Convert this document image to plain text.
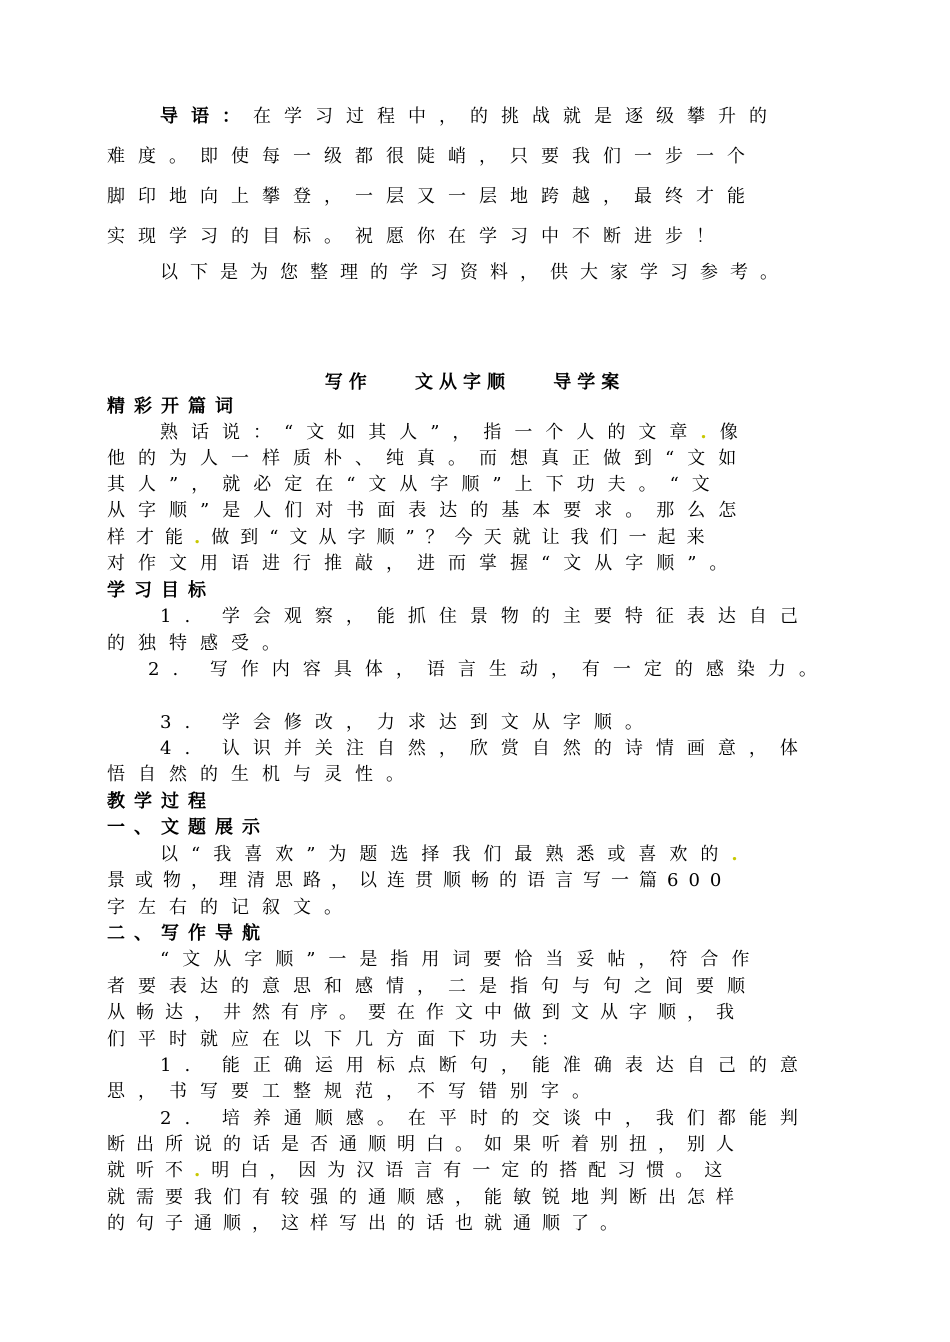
导语：在学习过程中，的挑战就是逐级攀升的
难度。即使每一级都很陡峭，只要我们一步一个
脚印地向上攀登，一层又一层地跨越，最终才能
实现学习的目标。祝愿你在学习中不断进步！
以下是为您整理的学习资料，供大家学习参考。
写作 文从字顺 导学案
精彩开篇词
熟话说：“文如其人”，指一个人的文章.像
他的为人一样质朴、纯真。而想真正做到“文如
其人”，就必定在“文从字顺”上下功夫。“文
从字顺”是人们对书面表达的基本要求。那么怎
样才能.做到“文从字顺”？今天就让我们一起来
对作文用语进行推敲，进而掌握“文从字顺”。
学习目标
1. 学会观察，能抓住景物的主要特征表达自己
的独特感受。
2. 写作内容具体，语言生动，有一定的感染力。
3. 学会修改，力求达到文从字顺。
4. 认识并关注自然，欣赏自然的诗情画意，体
悟自然的生机与灵性。
教学过程
一、文题展示
以“我喜欢”为题选择我们最熟悉或喜欢的.
景或物，理清思路，以连贯顺畅的语言写一篇600
字左右的记叙文。
二、写作导航
“文从字顺”一是指用词要恰当妥帖，符合作
者要表达的意思和感情，二是指句与句之间要顺
从畅达，井然有序。要在作文中做到文从字顺，我
们平时就应在以下几方面下功夫：
1. 能正确运用标点断句，能准确表达自己的意
思，书写要工整规范，不写错别字。
2. 培养通顺感。在平时的交谈中，我们都能判
断出所说的话是否通顺明白。如果听着别扭，别人
就听不.明白，因为汉语言有一定的搭配习惯。这
就需要我们有较强的通顺感，能敏锐地判断出怎样
的句子通顺，这样写出的话也就通顺了。
